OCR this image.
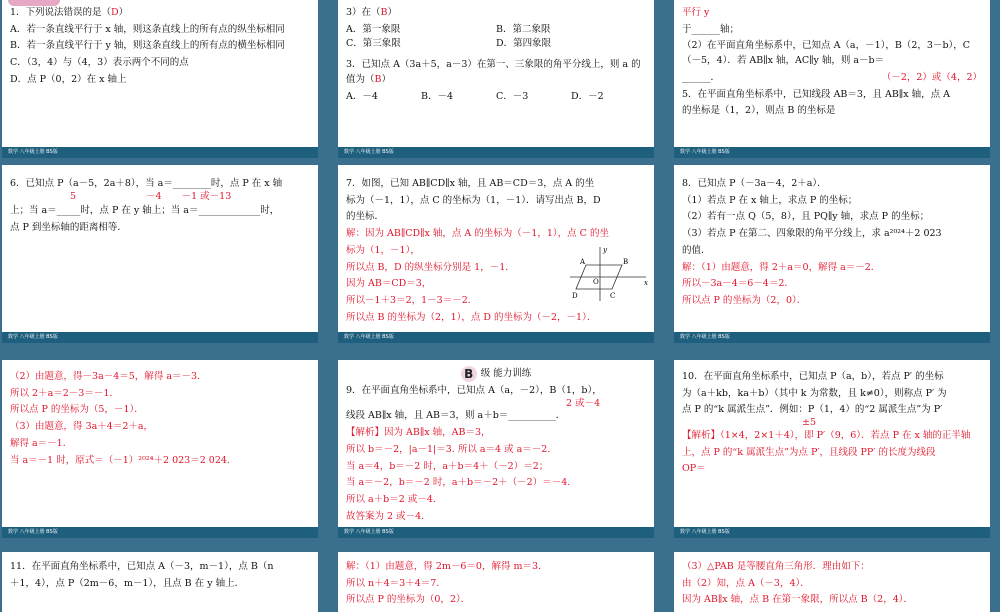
1．下列说法错误的是（D）

A．若一条直线平行于 x 轴，则这条直线上的所有点的纵坐标相同

B．若一条直线平行于 y 轴，则这条直线上的所有点的横坐标相同

C．（3，4）与（4，3）表示两个不同的点

D．点 P（0，2）在 x 轴上

数学 八年级上册 BS版

3）在（B）

A．第一象限	B．第二象限
C．第三象限	D．第四象限

3．已知点 A（3a＋5，a－3）在第一、三象限的角平分线上，则 a 的值为（B）

A．－4	B．－4	C．－3	D．－2
数学 八年级上册 BS版

平行 y

于______轴；

（2）在平面直角坐标系中，已知点 A（a，－1），B（2，3－b），C（－5，4）．若 AB∥x 轴，AC∥y 轴，则 a－b＝

______．	（－2，2）或（4，2）

5．在平面直角坐标系中，已知线段 AB＝3，且 AB∥x 轴，点 A

的坐标是（1，2），则点 B 的坐标是

数学 八年级上册 BS版

6．已知点 P（a－5，2a＋8），当 a＝________时，点 P 在 x 轴

5	－4 －1 或－13

上；当 a＝_____时，点 P 在 y 轴上；当 a＝_____________时，

点 P 到坐标轴的距离相等．

数学 八年级上册 BS版

7．如图，已知 AB∥CD∥x 轴，且 AB＝CD＝3，点 A 的坐

标为（－1，1），点 C 的坐标为（1，－1）．请写出点 B，D

的坐标．

解：因为 AB∥CD∥x 轴，点 A 的坐标为（－1，1），点 C 的坐

标为（1，－1），

所以点 B，D 的纵坐标分别是 1，－1．

因为 AB＝CD＝3，

所以－1＋3＝2，1－3＝－2．

所以点 B 的坐标为（2，1），点 D 的坐标为（－2，－1）．

A	B
C
D
O	x
y
数学 八年级上册 BS版

8．已知点 P（－3a－4，2＋a）．

（1）若点 P 在 x 轴上，求点 P 的坐标；

（2）若有一点 Q（5，8），且 PQ∥y 轴，求点 P 的坐标；

（3）若点 P 在第二、四象限的角平分线上，求 a²⁰²⁴＋2 023

的值．

解：（1）由题意，得 2＋a＝0，解得 a＝－2．

所以－3a－4＝6－4＝2．

所以点 P 的坐标为（2，0）．

数学 八年级上册 BS版

（2）由题意，得－3a－4＝5，解得 a＝－3．

所以 2＋a＝2－3＝－1．

所以点 P 的坐标为（5，－1）．

（3）由题意，得 3a＋4＝2＋a，

解得 a＝－1．

当 a＝－1 时，原式＝（－1）²⁰²⁴＋2 023＝2 024.

数学 八年级上册 BS版
B 级 能力训练

9．在平面直角坐标系中，已知点 A（a，－2），B（1，b），

2 或－4

线段 AB∥x 轴，且 AB＝3，则 a＋b＝__________．

【解析】因为 AB∥x 轴，AB＝3，

所以 b＝－2，|a－1|＝3. 所以 a＝4 或 a＝－2.

当 a＝4，b＝－2 时，a＋b＝4＋（－2）＝2；

当 a＝－2，b＝－2 时，a＋b＝－2＋（－2）＝－4.

所以 a＋b＝2 或－4.

故答案为 2 或－4.

数学 八年级上册 BS版

10．在平面直角坐标系中，已知点 P（a，b），若点 P′ 的坐标

为（a＋kb，ka＋b）（其中 k 为常数，且 k≠0），则称点 P′ 为

点 P 的“k 属派生点”．例如：P（1，4）的“2 属派生点”为 P′

±5

【解析】（1×4，2×1＋4），即 P′（9，6）．若点 P 在 x 轴的正半轴

上，点 P 的“k 属派生点”为点 P′，且线段 PP′ 的长度为线段

OP＝

数学 八年级上册 BS版

11．在平面直角坐标系中，已知点 A（－3，m－1），点 B（n

＋1，4），点 P（2m－6，m－1），且点 B 在 y 轴上．

解：（1）由题意，得 2m－6＝0，解得 m＝3.

所以 n＋4＝3＋4＝7.

所以点 P 的坐标为（0，2）．

（3）△PAB 是等腰直角三角形．理由如下：

由（2）知，点 A（－3，4）．

因为 AB∥x 轴，点 B 在第一象限，所以点 B（2，4）．
